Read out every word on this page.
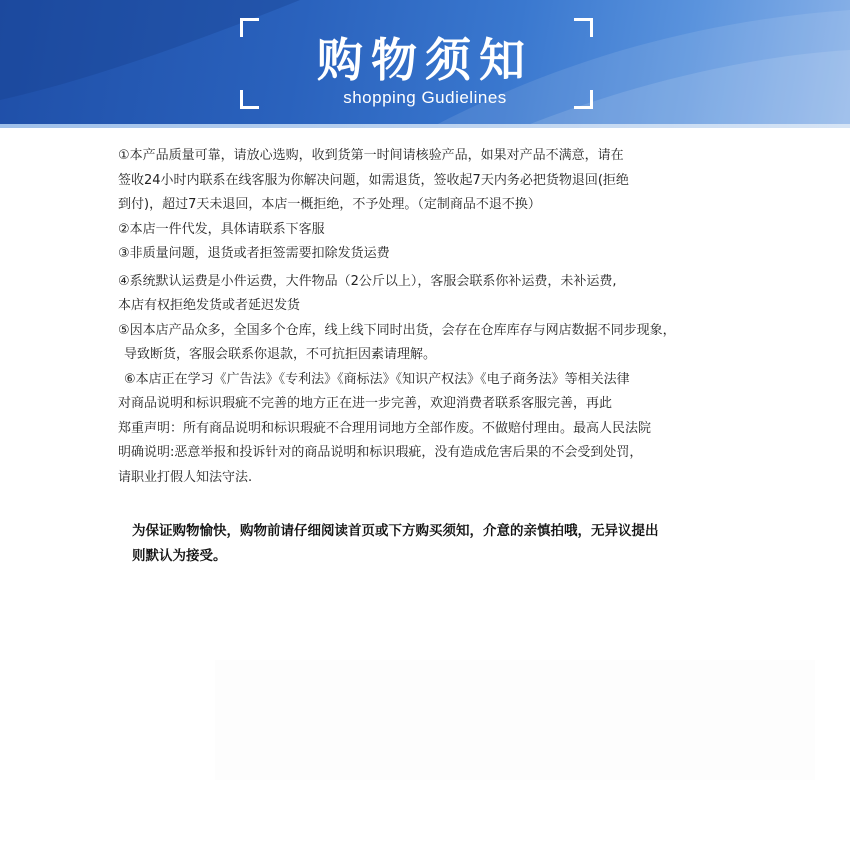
购物须知
shopping Gudielines

①本产品质量可靠，请放心选购，收到货第一时间请核验产品，如果对产品不满意，请在
签收24小时内联系在线客服为你解决问题，如需退货，签收起7天内务必把货物退回(拒绝
到付)，超过7天未退回，本店一概拒绝，不予处理。（定制商品不退不换）

②本店一件代发，具体请联系下客服

③非质量问题，退货或者拒签需要扣除发货运费

④系统默认运费是小件运费，大件物品（2公斤以上），客服会联系你补运费，未补运费,
本店有权拒绝发货或者延迟发货

⑤因本店产品众多，全国多个仓库，线上线下同时出货，会存在仓库库存与网店数据不同步现象，
导致断货，客服会联系你退款，不可抗拒因素请理解。

⑥本店正在学习《广告法》《专利法》《商标法》《知识产权法》《电子商务法》等相关法律
对商品说明和标识瑕疵不完善的地方正在进一步完善，欢迎消费者联系客服完善，再此
郑重声明：所有商品说明和标识瑕疵不合理用词地方全部作废。不做赔付理由。最高人民法院
明确说明:恶意举报和投诉针对的商品说明和标识瑕疵，没有造成危害后果的不会受到处罚，
请职业打假人知法守法.

为保证购物愉快，购物前请仔细阅读首页或下方购买须知，介意的亲慎拍哦，无异议提出
则默认为接受。
